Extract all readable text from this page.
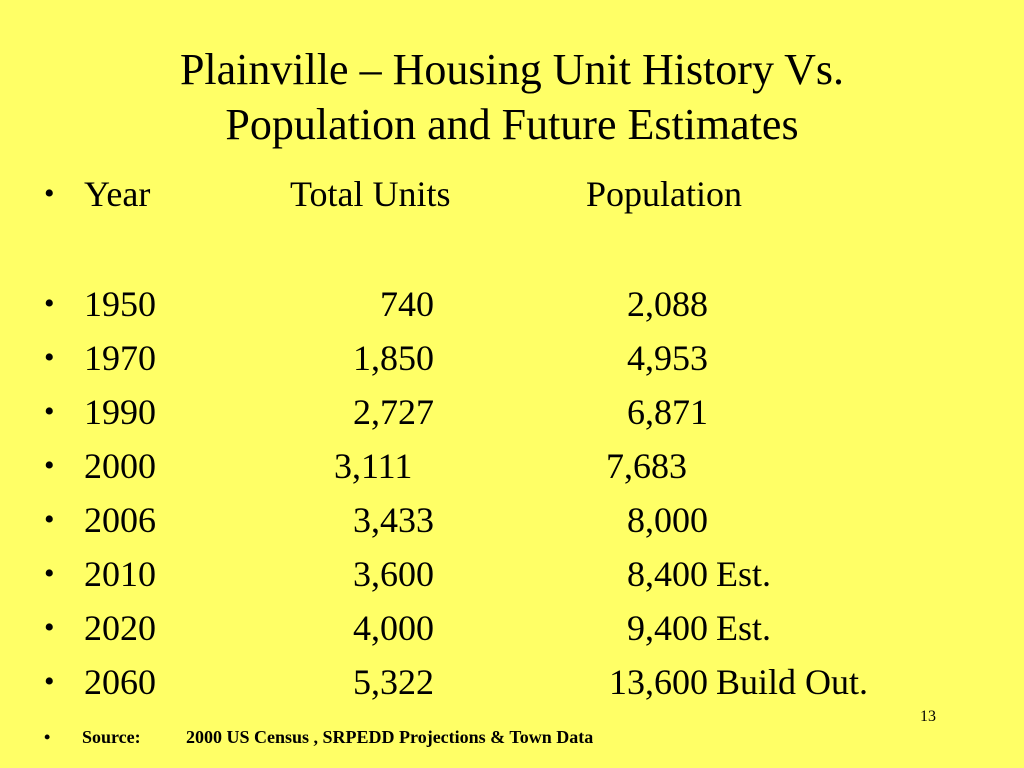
Plainville – Housing Unit History Vs.
Population and Future Estimates
• Year	Total Units	Population
• 1950	740	2,088
• 1970	1,850	4,953
• 1990	2,727	6,871
• 2000	3,111	7,683
• 2006	3,433	8,000
• 2010	3,600	8,400 Est.
• 2020	4,000	9,400 Est.
• 2060	5,322	13,600 Build Out.
13
• Source:	2000 US Census , SRPEDD Projections & Town Data
